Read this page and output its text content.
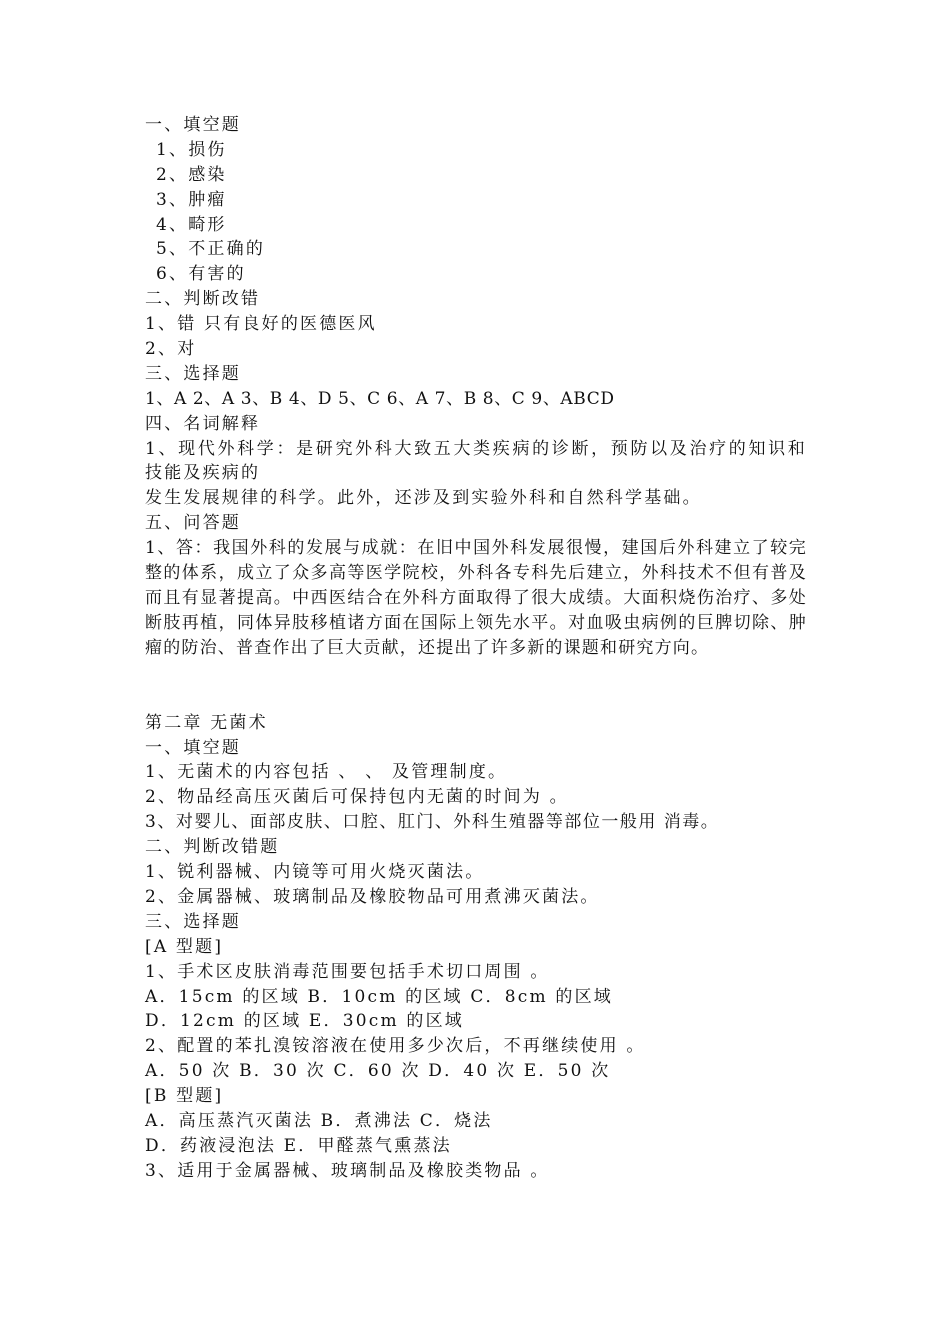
一、填空题
1、损伤
2、感染
3、肿瘤
4、畸形
5、不正确的
6、有害的
二、判断改错
1、错 只有良好的医德医风
2、对
三、选择题
1、A 2、A 3、B 4、D 5、C 6、A 7、B 8、C 9、ABCD
四、名词解释
1、现代外科学：是研究外科大致五大类疾病的诊断，预防以及治疗的知识和技能及疾病的
发生发展规律的科学。此外，还涉及到实验外科和自然科学基础。
五、问答题
1、答：我国外科的发展与成就：在旧中国外科发展很慢，建国后外科建立了较完整的体系，成立了众多高等医学院校，外科各专科先后建立，外科技术不但有普及而且有显著提高。中西医结合在外科方面取得了很大成绩。大面积烧伤治疗、多处断肢再植，同体异肢移植诸方面在国际上领先水平。对血吸虫病例的巨脾切除、肿瘤的防治、普查作出了巨大贡献，还提出了许多新的课题和研究方向。
第二章 无菌术
一、填空题
1、无菌术的内容包括 、 、 及管理制度。
2、物品经高压灭菌后可保持包内无菌的时间为 。
3、对婴儿、面部皮肤、口腔、肛门、外科生殖器等部位一般用 消毒。
二、判断改错题
1、锐利器械、内镜等可用火烧灭菌法。
2、金属器械、玻璃制品及橡胶物品可用煮沸灭菌法。
三、选择题
[A 型题]
1、手术区皮肤消毒范围要包括手术切口周围 。
A．15cm 的区域 B．10cm 的区域 C．8cm 的区域
D．12cm 的区域 E．30cm 的区域
2、配置的苯扎溴铵溶液在使用多少次后，不再继续使用 。
A．50 次 B．30 次 C．60 次 D．40 次 E．50 次
[B 型题]
A．高压蒸汽灭菌法 B．煮沸法 C．烧法
D．药液浸泡法 E．甲醛蒸气熏蒸法
3、适用于金属器械、玻璃制品及橡胶类物品 。
